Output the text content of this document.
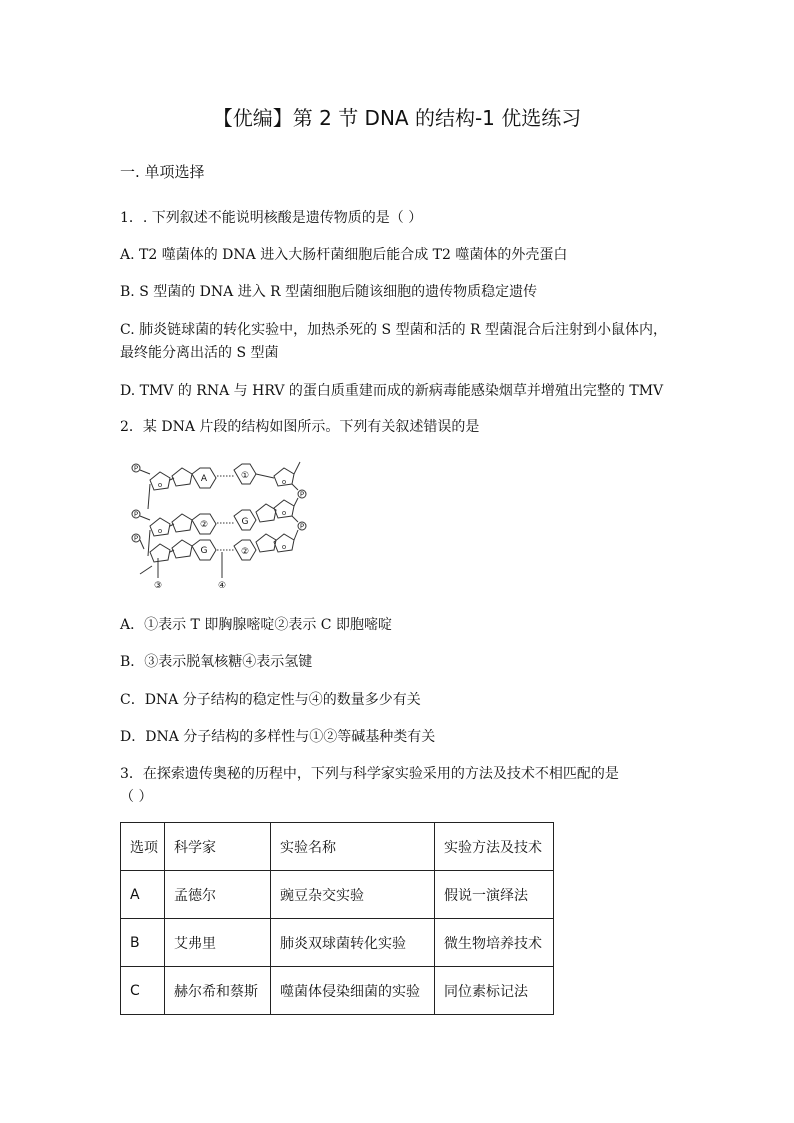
【优编】第 2 节 DNA 的结构-1 优选练习
一. 单项选择
1．. 下列叙述不能说明核酸是遗传物质的是（ ）
A. T2 噬菌体的 DNA 进入大肠杆菌细胞后能合成 T2 噬菌体的外壳蛋白
B. S 型菌的 DNA 进入 R 型菌细胞后随该细胞的遗传物质稳定遗传
C. 肺炎链球菌的转化实验中，加热杀死的 S 型菌和活的 R 型菌混合后注射到小鼠体内，
最终能分离出活的 S 型菌
D. TMV 的 RNA 与 HRV 的蛋白质重建而成的新病毒能感染烟草并增殖出完整的 TMV
2．某 DNA 片段的结构如图所示。下列有关叙述错误的是
P
P
P
P
P
o
o
o
o
o
A	①
②	G
G	②
③	④
A．①表示 T 即胸腺嘧啶②表示 C 即胞嘧啶
B．③表示脱氧核糖④表示氢键
C．DNA 分子结构的稳定性与④的数量多少有关
D．DNA 分子结构的多样性与①②等碱基种类有关
3．在探索遗传奥秘的历程中，下列与科学家实验采用的方法及技术不相匹配的是
（ ）
选项	科学家	实验名称	实验方法及技术
A	孟德尔	豌豆杂交实验	假说一演绎法
B	艾弗里	肺炎双球菌转化实验	微生物培养技术
C	赫尔希和蔡斯	噬菌体侵染细菌的实验	同位素标记法
